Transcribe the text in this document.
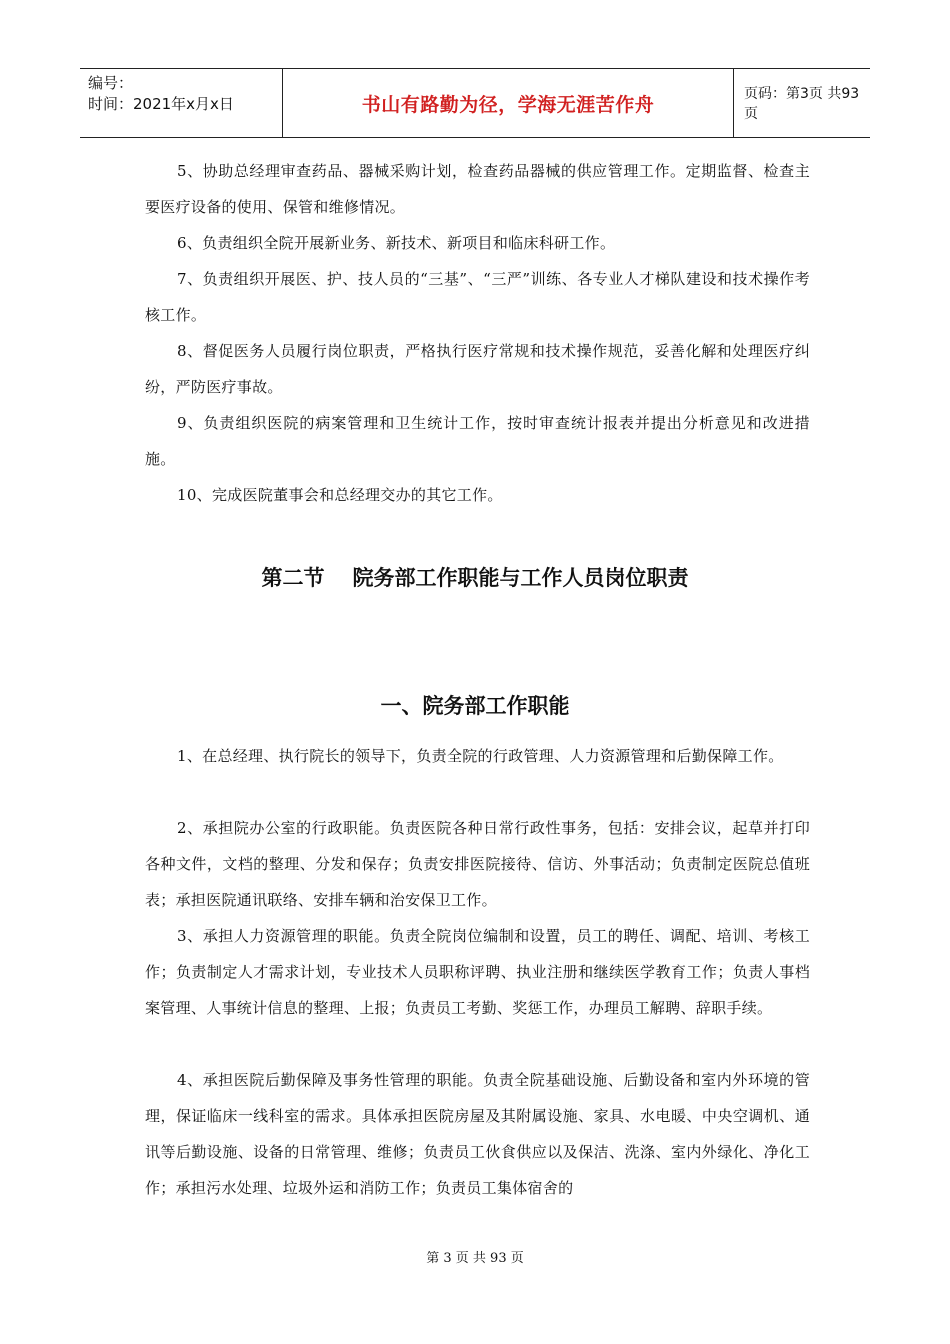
编号：
时间：2021年x月x日	书山有路勤为径，学海无涯苦作舟	页码：第3页 共93页
5、协助总经理审查药品、器械采购计划，检查药品器械的供应管理工作。定期监督、检查主要医疗设备的使用、保管和维修情况。
6、负责组织全院开展新业务、新技术、新项目和临床科研工作。
7、负责组织开展医、护、技人员的“三基”、“三严”训练、各专业人才梯队建设和技术操作考核工作。
8、督促医务人员履行岗位职责，严格执行医疗常规和技术操作规范，妥善化解和处理医疗纠纷，严防医疗事故。
9、负责组织医院的病案管理和卫生统计工作，按时审查统计报表并提出分析意见和改进措施。
10、完成医院董事会和总经理交办的其它工作。
第二节 院务部工作职能与工作人员岗位职责
一、院务部工作职能
1、在总经理、执行院长的领导下，负责全院的行政管理、人力资源管理和后勤保障工作。
2、承担院办公室的行政职能。负责医院各种日常行政性事务，包括：安排会议，起草并打印各种文件，文档的整理、分发和保存；负责安排医院接待、信访、外事活动；负责制定医院总值班表；承担医院通讯联络、安排车辆和治安保卫工作。
3、承担人力资源管理的职能。负责全院岗位编制和设置，员工的聘任、调配、培训、考核工作；负责制定人才需求计划，专业技术人员职称评聘、执业注册和继续医学教育工作；负责人事档案管理、人事统计信息的整理、上报；负责员工考勤、奖惩工作，办理员工解聘、辞职手续。
4、承担医院后勤保障及事务性管理的职能。负责全院基础设施、后勤设备和室内外环境的管理，保证临床一线科室的需求。具体承担医院房屋及其附属设施、家具、水电暖、中央空调机、通讯等后勤设施、设备的日常管理、维修；负责员工伙食供应以及保洁、洗涤、室内外绿化、净化工作；承担污水处理、垃圾外运和消防工作；负责员工集体宿舍的
第 3 页 共 93 页
